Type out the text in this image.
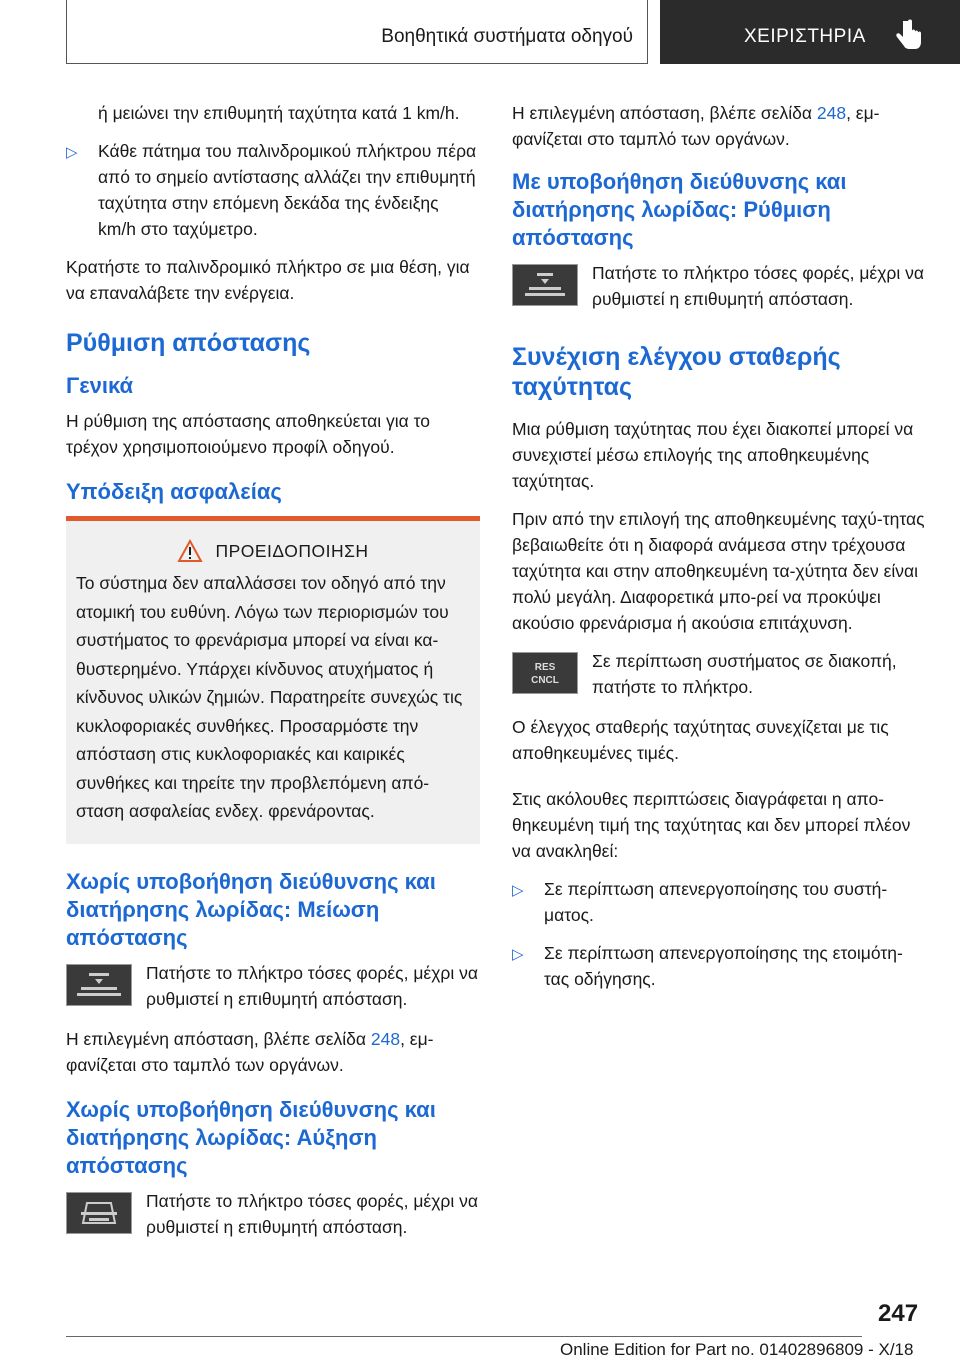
Βοηθητικά συστήματα οδηγού	ΧΕΙΡΙΣΤΗΡΙΑ

ή μειώνει την επιθυμητή ταχύτητα κατά 1 km/h.

▷ Κάθε πάτημα του παλινδρομικού πλήκτρου πέρα από το σημείο αντίστασης αλλάζει την επιθυμητή ταχύτητα στην επόμενη δεκάδα της ένδειξης km/h στο ταχύμετρο.

Κρατήστε το παλινδρομικό πλήκτρο σε μια θέση, για να επαναλάβετε την ενέργεια.

Ρύθμιση απόστασης
Γενικά

Η ρύθμιση της απόστασης αποθηκεύεται για το τρέχον χρησιμοποιούμενο προφίλ οδηγού.

Υπόδειξη ασφαλείας
ΠΡΟΕΙΔΟΠΟΙΗΣΗ

Το σύστημα δεν απαλλάσσει τον οδηγό από την ατομική του ευθύνη. Λόγω των περιορισμών του συστήματος το φρενάρισμα μπορεί να είναι κα-θυστερημένο. Υπάρχει κίνδυνος ατυχήματος ή κίνδυνος υλικών ζημιών. Παρατηρείτε συνεχώς τις κυκλοφοριακές συνθήκες. Προσαρμόστε την απόσταση στις κυκλοφοριακές και καιρικές συνθήκες και τηρείτε την προβλεπόμενη από-σταση ασφαλείας ενδεχ. φρενάροντας.

Χωρίς υποβοήθηση διεύθυνσης και διατήρησης λωρίδας: Μείωση απόστασης

Πατήστε το πλήκτρο τόσες φορές, μέχρι να ρυθμιστεί η επιθυμητή απόσταση.

Η επιλεγμένη απόσταση, βλέπε σελίδα 248, εμ-φανίζεται στο ταμπλό των οργάνων.

Χωρίς υποβοήθηση διεύθυνσης και διατήρησης λωρίδας: Αύξηση απόστασης

Πατήστε το πλήκτρο τόσες φορές, μέχρι να ρυθμιστεί η επιθυμητή απόσταση.

Η επιλεγμένη απόσταση, βλέπε σελίδα 248, εμ-φανίζεται στο ταμπλό των οργάνων.

Με υποβοήθηση διεύθυνσης και διατήρησης λωρίδας: Ρύθμιση απόστασης

Πατήστε το πλήκτρο τόσες φορές, μέχρι να ρυθμιστεί η επιθυμητή απόσταση.

Συνέχιση ελέγχου σταθερής ταχύτητας

Μια ρύθμιση ταχύτητας που έχει διακοπεί μπορεί να συνεχιστεί μέσω επιλογής της αποθηκευμένης ταχύτητας.

Πριν από την επιλογή της αποθηκευμένης ταχύ-τητας βεβαιωθείτε ότι η διαφορά ανάμεσα στην τρέχουσα ταχύτητα και στην αποθηκευμένη τα-χύτητα δεν είναι πολύ μεγάλη. Διαφορετικά μπο-ρεί να προκύψει ακούσιο φρενάρισμα ή ακούσια επιτάχυνση.

RES
CNCL

Σε περίπτωση συστήματος σε διακοπή, πατήστε το πλήκτρο.

Ο έλεγχος σταθερής ταχύτητας συνεχίζεται με τις αποθηκευμένες τιμές.

Στις ακόλουθες περιπτώσεις διαγράφεται η απο-θηκευμένη τιμή της ταχύτητας και δεν μπορεί πλέον να ανακληθεί:

▷ Σε περίπτωση απενεργοποίησης του συστή-ματος.
▷ Σε περίπτωση απενεργοποίησης της ετοιμότη-τας οδήγησης.
247
Online Edition for Part no. 01402896809 - X/18
